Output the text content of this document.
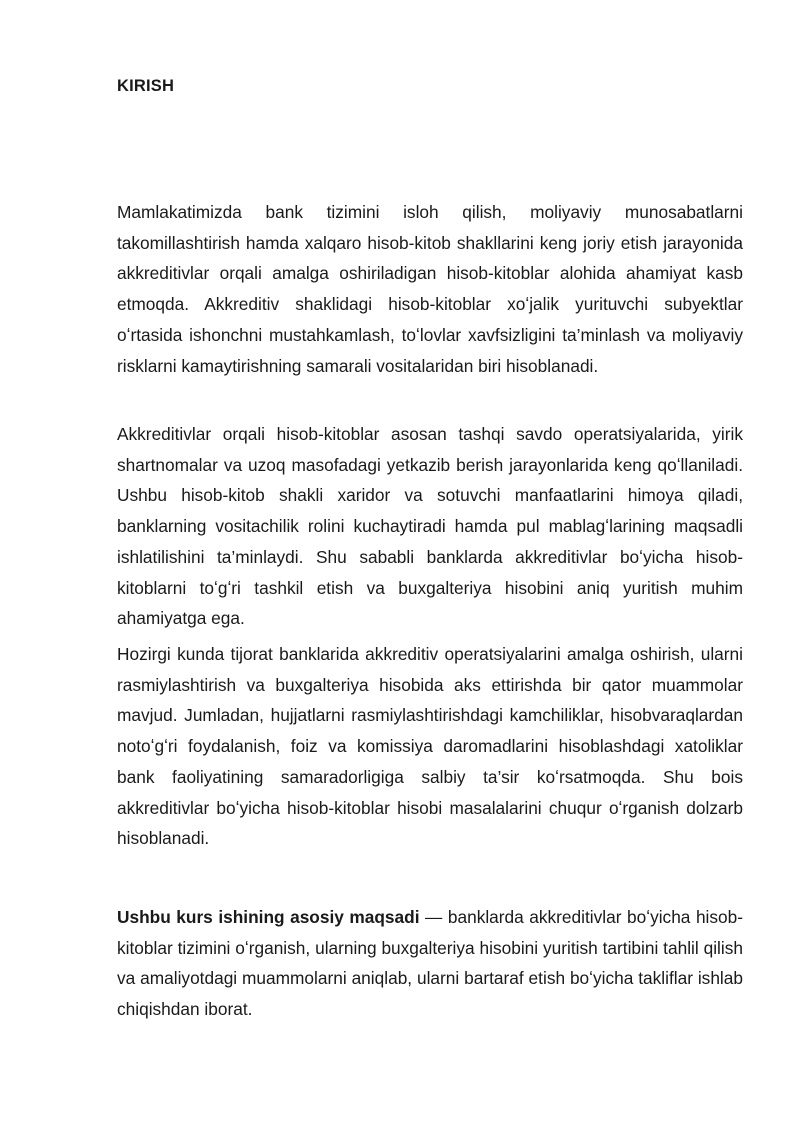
KIRISH

Mamlakatimizda bank tizimini isloh qilish, moliyaviy munosabatlarni takomillashtirish hamda xalqaro hisob-kitob shakllarini keng joriy etish jarayonida akkreditivlar orqali amalga oshiriladigan hisob-kitoblar alohida ahamiyat kasb etmoqda. Akkreditiv shaklidagi hisob-kitoblar xoʻjalik yurituvchi subyektlar oʻrtasida ishonchni mustahkamlash, toʻlovlar xavfsizligini ta’minlash va moliyaviy risklarni kamaytirishning samarali vositalaridan biri hisoblanadi.

Akkreditivlar orqali hisob-kitoblar asosan tashqi savdo operatsiyalarida, yirik shartnomalar va uzoq masofadagi yetkazib berish jarayonlarida keng qoʻllaniladi. Ushbu hisob-kitob shakli xaridor va sotuvchi manfaatlarini himoya qiladi, banklarning vositachilik rolini kuchaytiradi hamda pul mablagʻlarining maqsadli ishlatilishini ta’minlaydi. Shu sababli banklarda akkreditivlar boʻyicha hisob-kitoblarni toʻgʻri tashkil etish va buxgalteriya hisobini aniq yuritish muhim ahamiyatga ega.

Hozirgi kunda tijorat banklarida akkreditiv operatsiyalarini amalga oshirish, ularni rasmiylashtirish va buxgalteriya hisobida aks ettirishda bir qator muammolar mavjud. Jumladan, hujjatlarni rasmiylashtirishdagi kamchiliklar, hisobvaraqlardan notoʻgʻri foydalanish, foiz va komissiya daromadlarini hisoblashdagi xatoliklar bank faoliyatining samaradorligiga salbiy ta’sir koʻrsatmoqda. Shu bois akkreditivlar boʻyicha hisob-kitoblar hisobi masalalarini chuqur oʻrganish dolzarb hisoblanadi.

Ushbu kurs ishining asosiy maqsadi — banklarda akkreditivlar boʻyicha hisob-kitoblar tizimini oʻrganish, ularning buxgalteriya hisobini yuritish tartibini tahlil qilish va amaliyotdagi muammolarni aniqlab, ularni bartaraf etish boʻyicha takliflar ishlab chiqishdan iborat.
